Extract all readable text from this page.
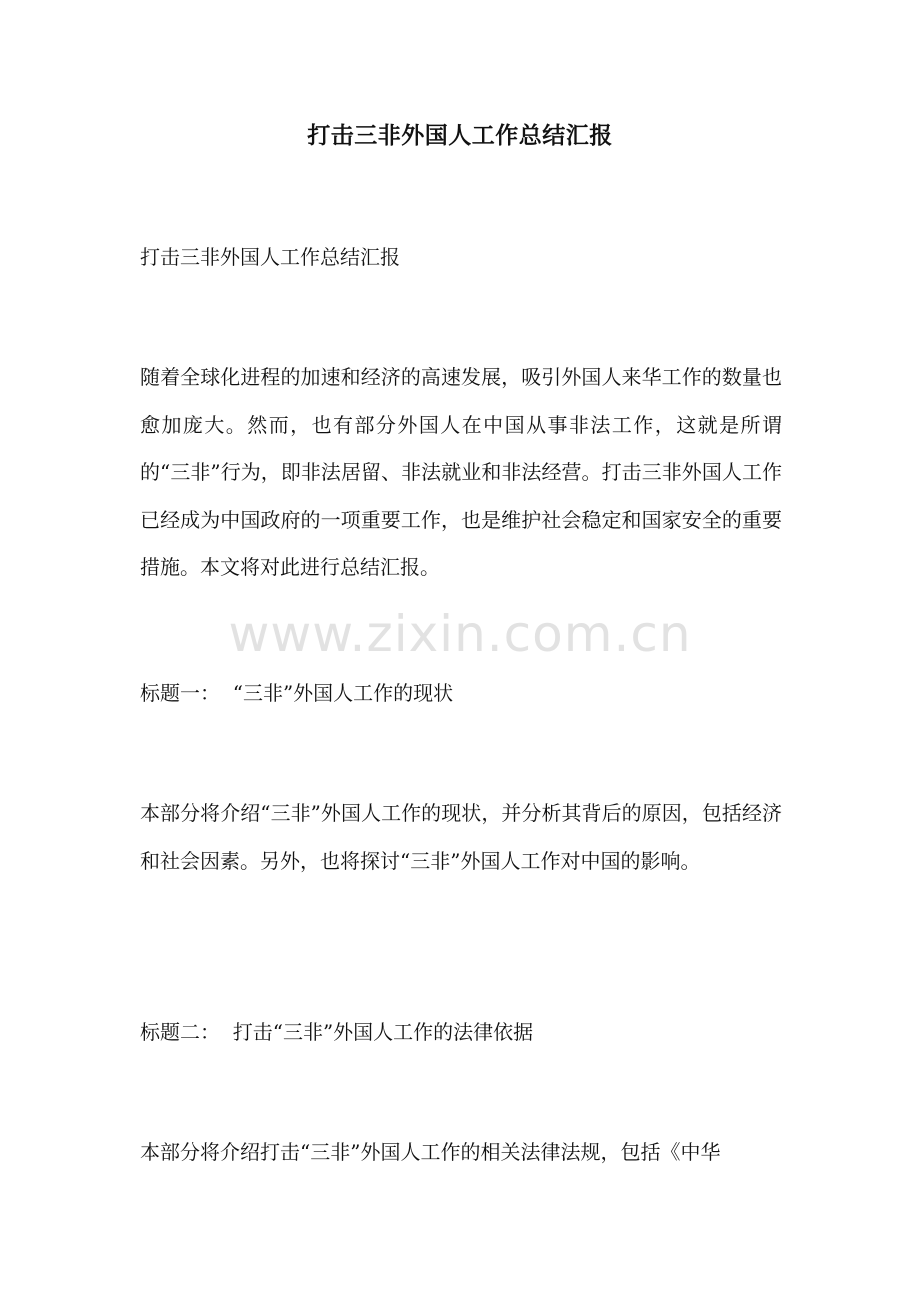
打击三非外国人工作总结汇报

打击三非外国人工作总结汇报

随着全球化进程的加速和经济的高速发展，吸引外国人来华工作的数量也愈加庞大。然而，也有部分外国人在中国从事非法工作，这就是所谓的“三非”行为，即非法居留、非法就业和非法经营。打击三非外国人工作已经成为中国政府的一项重要工作，也是维护社会稳定和国家安全的重要措施。本文将对此进行总结汇报。

www.zixin.com.cn

标题一：  “三非”外国人工作的现状

本部分将介绍“三非”外国人工作的现状，并分析其背后的原因，包括经济和社会因素。另外，也将探讨“三非”外国人工作对中国的影响。

标题二：  打击“三非”外国人工作的法律依据

本部分将介绍打击“三非”外国人工作的相关法律法规，包括《中华
